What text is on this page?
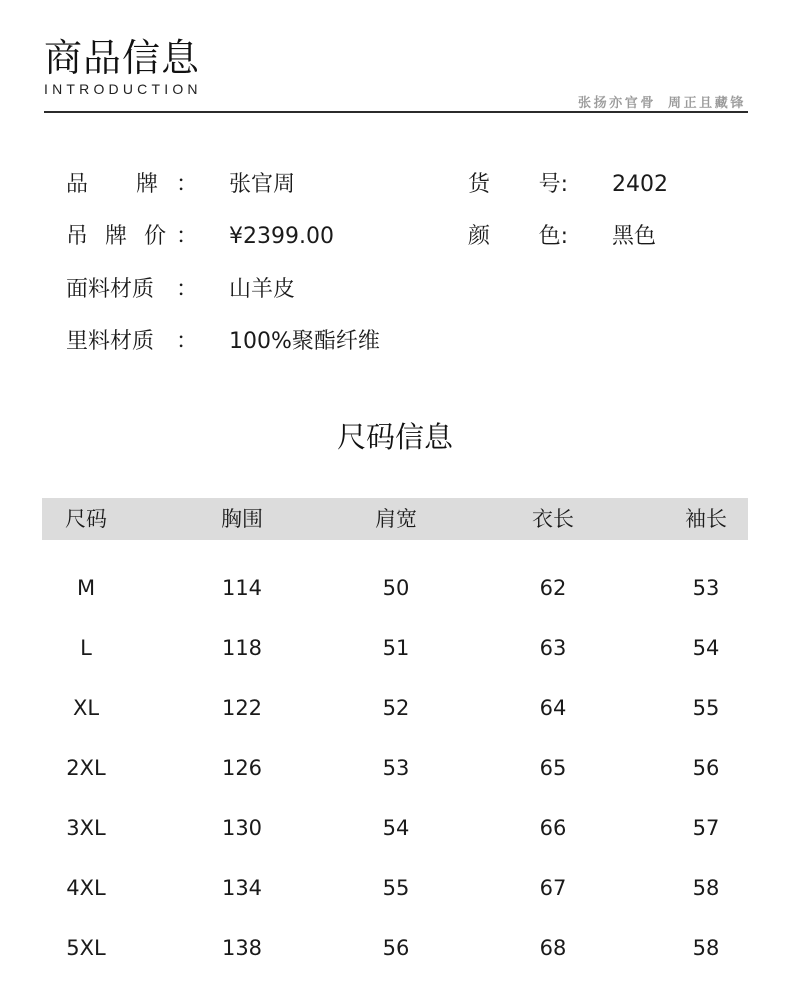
商品信息
INTRODUCTION
张扬亦官骨 周正且藏锋
品 牌 ： 张官周	货 号: 2402
吊 牌 价 ： ¥2399.00	颜 色: 黑色
面料材质 ： 山羊皮
里料材质 ： 100%聚酯纤维
尺码信息
尺码	胸围	肩宽	衣长	袖长
M	114	50	62	53
L	118	51	63	54
XL	122	52	64	55
2XL	126	53	65	56
3XL	130	54	66	57
4XL	134	55	67	58
5XL	138	56	68	58
